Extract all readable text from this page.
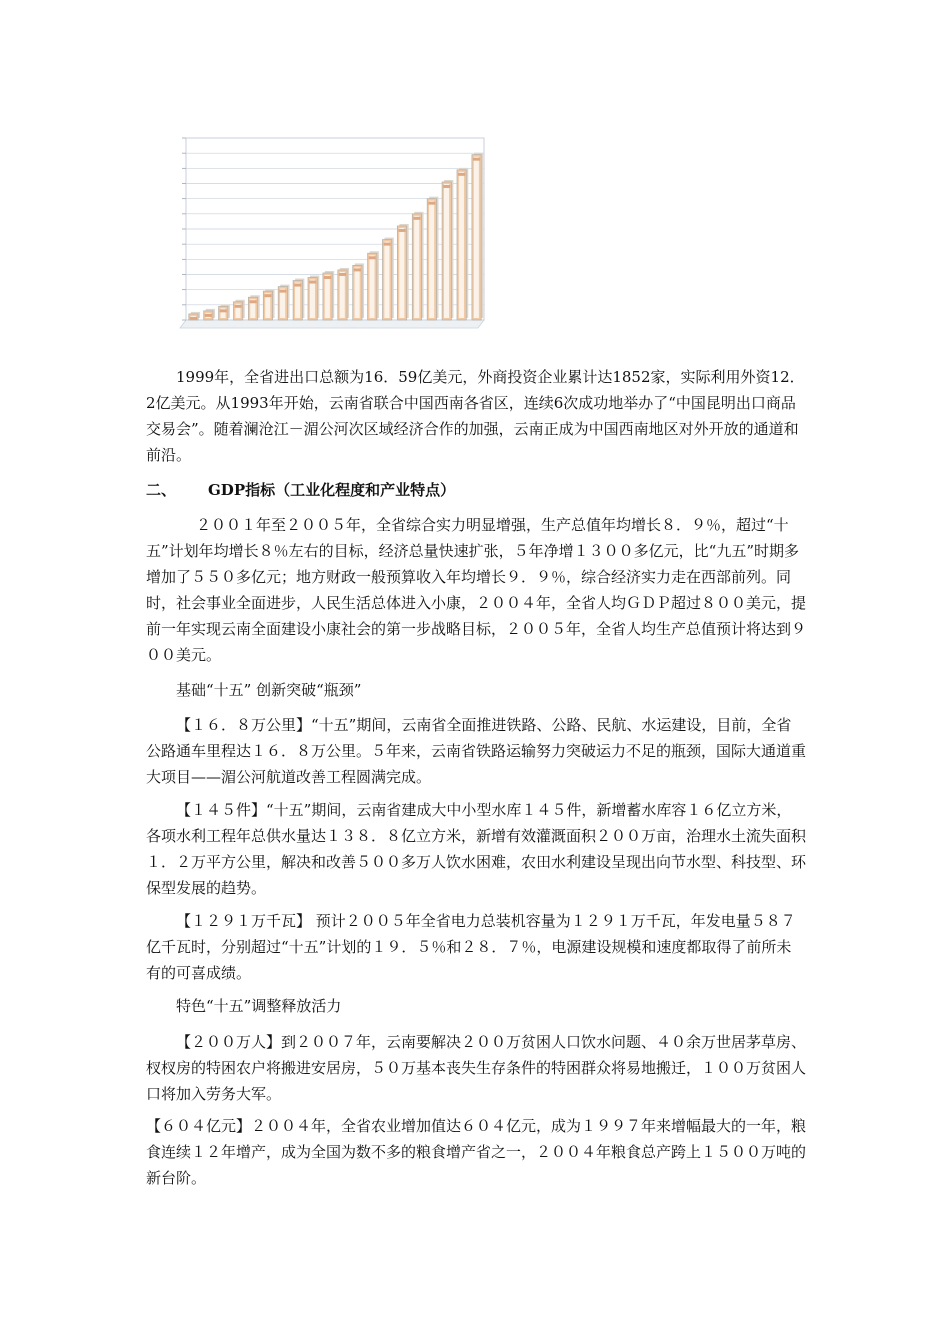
1999年，全省进出口总额为16．59亿美元，外商投资企业累计达1852家，实际利用外资12．2亿美元。从1993年开始，云南省联合中国西南各省区，连续6次成功地举办了“中国昆明出口商品交易会”。随着澜沧江－湄公河次区域经济合作的加强，云南正成为中国西南地区对外开放的通道和前沿。

二、 GDP指标（工业化程度和产业特点）

２００１年至２００５年，全省综合实力明显增强，生产总值年均增长８．９％，超过“十五”计划年均增长８％左右的目标，经济总量快速扩张，５年净增１３００多亿元，比“九五”时期多增加了５５０多亿元；地方财政一般预算收入年均增长９．９％，综合经济实力走在西部前列。同时，社会事业全面进步，人民生活总体进入小康，２００４年，全省人均ＧＤＰ超过８００美元，提前一年实现云南全面建设小康社会的第一步战略目标，２００５年，全省人均生产总值预计将达到９００美元。

基础“十五” 创新突破“瓶颈”

【１６．８万公里】“十五”期间，云南省全面推进铁路、公路、民航、水运建设，目前，全省公路通车里程达１６．８万公里。５年来，云南省铁路运输努力突破运力不足的瓶颈，国际大通道重大项目——湄公河航道改善工程圆满完成。

【１４５件】“十五”期间，云南省建成大中小型水库１４５件，新增蓄水库容１６亿立方米，各项水利工程年总供水量达１３８．８亿立方米，新增有效灌溉面积２００万亩，治理水土流失面积１．２万平方公里，解决和改善５００多万人饮水困难，农田水利建设呈现出向节水型、科技型、环保型发展的趋势。

【１２９１万千瓦】 预计２００５年全省电力总装机容量为１２９１万千瓦，年发电量５８７亿千瓦时，分别超过“十五”计划的１９．５％和２８．７％，电源建设规模和速度都取得了前所未有的可喜成绩。

特色“十五”调整释放活力

【２００万人】到２００７年，云南要解决２００万贫困人口饮水问题、４０余万世居茅草房、杈杈房的特困农户将搬进安居房，５０万基本丧失生存条件的特困群众将易地搬迁，１００万贫困人口将加入劳务大军。

【６０４亿元】２００４年，全省农业增加值达６０４亿元，成为１９９７年来增幅最大的一年，粮食连续１２年增产，成为全国为数不多的粮食增产省之一，２００４年粮食总产跨上１５００万吨的新台阶。
